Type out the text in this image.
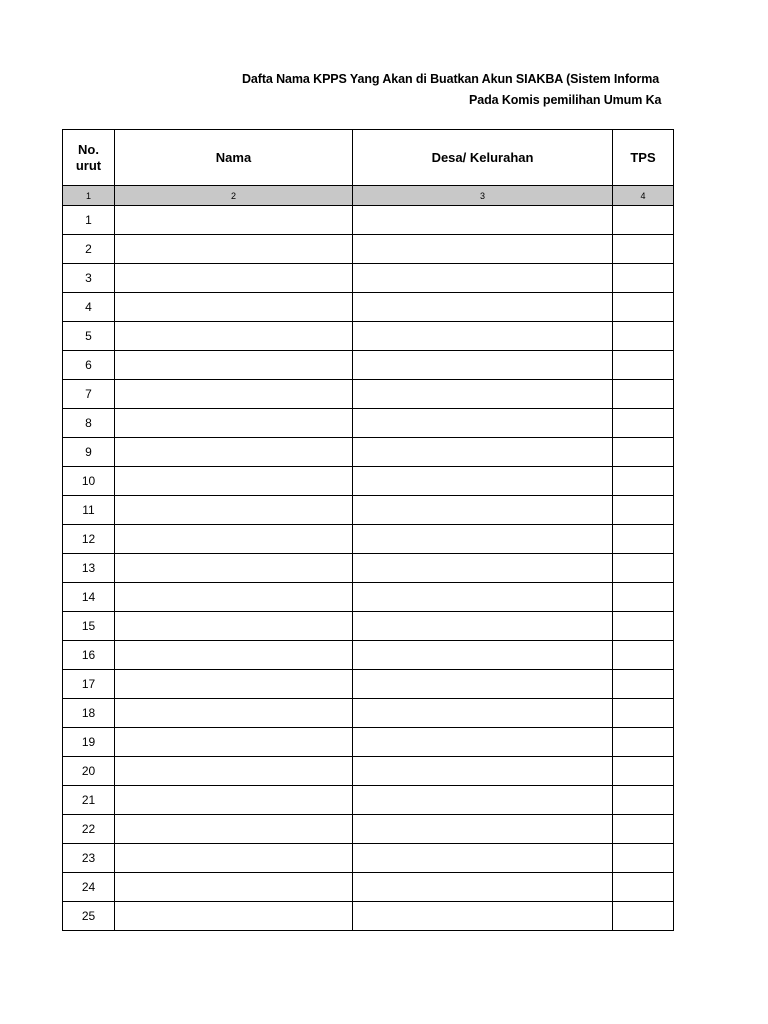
Dafta Nama KPPS Yang Akan di Buatkan Akun SIAKBA (Sistem Informa
Pada Komis pemilihan Umum Ka
No.
urut	Nama	Desa/ Kelurahan	TPS
1	2	3	4
1			
2			
3			
4			
5			
6			
7			
8			
9			
10			
11			
12			
13			
14			
15			
16			
17			
18			
19			
20			
21			
22			
23			
24			
25			
